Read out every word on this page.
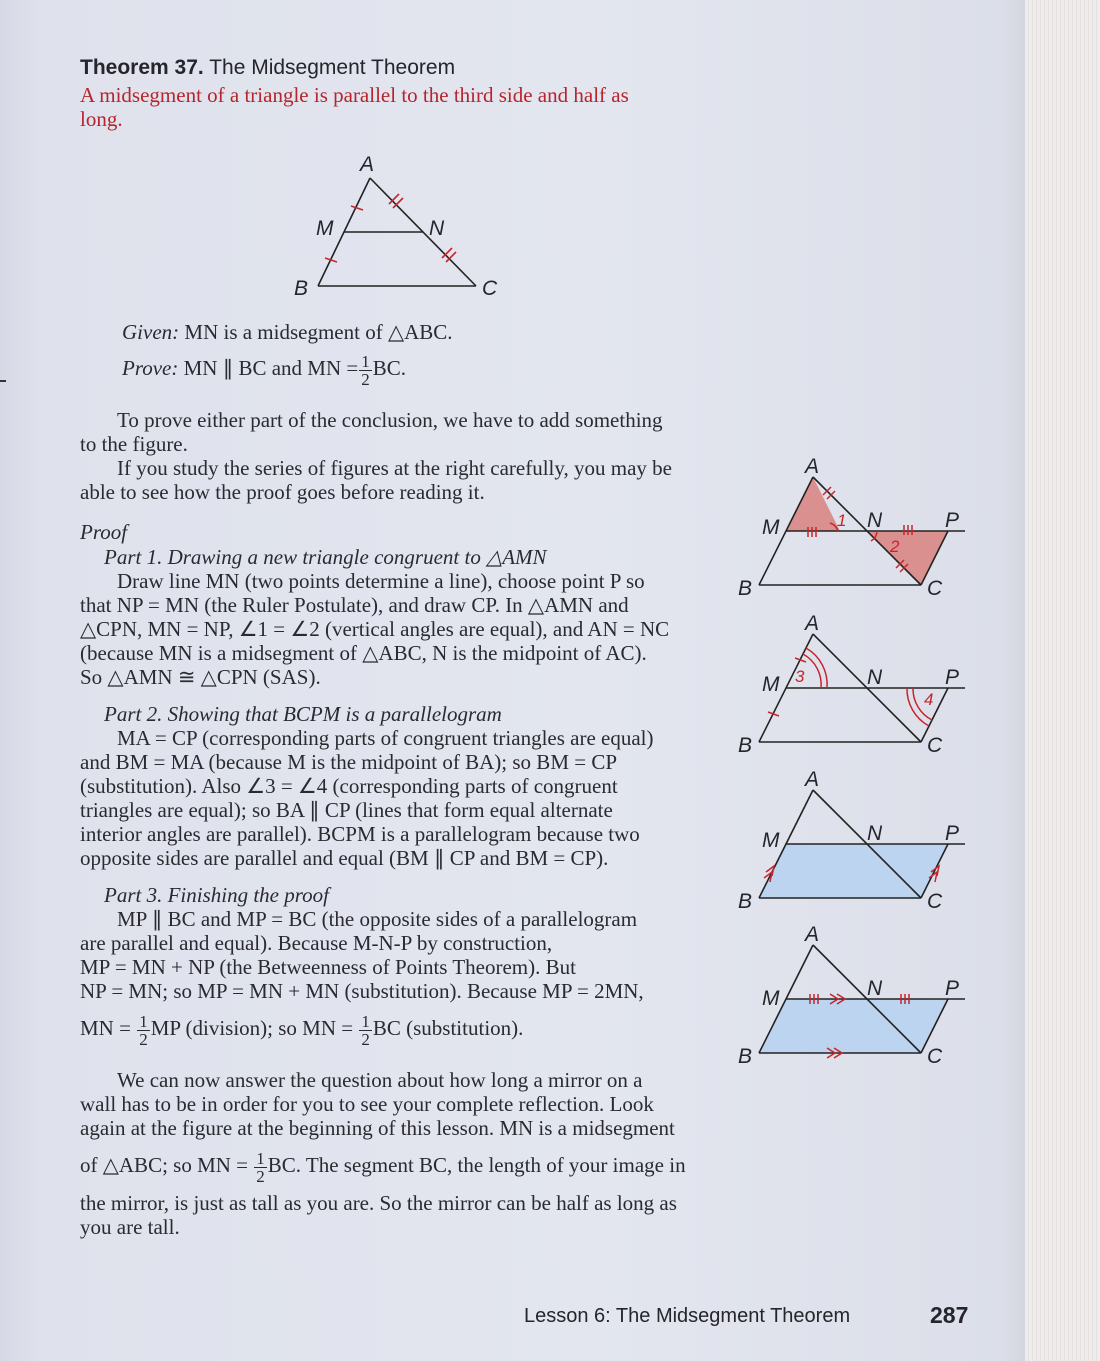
Theorem 37. The Midsegment Theorem
A midsegment of a triangle is parallel to the third side and half as
long.
A
M	N
B	C
Given: MN is a midsegment of △ABC.
Prove: MN ∥ BC and MN = $\frac{1}{2}$ BC.
To prove either part of the conclusion, we have to add something
to the figure.
If you study the series of figures at the right carefully, you may be
able to see how the proof goes before reading it.
Proof
Part 1. Drawing a new triangle congruent to △AMN
Draw line MN (two points determine a line), choose point P so
that NP = MN (the Ruler Postulate), and draw CP. In △AMN and
△CPN, MN = NP, ∠1 = ∠2 (vertical angles are equal), and AN = NC
(because MN is a midsegment of △ABC, N is the midpoint of AC).
So △AMN ≅ △CPN (SAS).
Part 2. Showing that BCPM is a parallelogram
MA = CP (corresponding parts of congruent triangles are equal)
and BM = MA (because M is the midpoint of BA); so BM = CP
(substitution). Also ∠3 = ∠4 (corresponding parts of congruent
triangles are equal); so BA ∥ CP (lines that form equal alternate
interior angles are parallel). BCPM is a parallelogram because two
opposite sides are parallel and equal (BM ∥ CP and BM = CP).
Part 3. Finishing the proof
MP ∥ BC and MP = BC (the opposite sides of a parallelogram
are parallel and equal). Because M-N-P by construction,
MP = MN + NP (the Betweenness of Points Theorem). But
NP = MN; so MP = MN + MN (substitution). Because MP = 2MN,
MN = $\frac{1}{2}$ MP (division); so MN = $\frac{1}{2}$ BC (substitution).
We can now answer the question about how long a mirror on a
wall has to be in order for you to see your complete reflection. Look
again at the figure at the beginning of this lesson. MN is a midsegment
of △ABC; so MN = $\frac{1}{2}$ BC. The segment BC, the length of your image in
the mirror, is just as tall as you are. So the mirror can be half as long as
you are tall.
A
M	N	P
B	C
1
2
A
M	N	P
B	C
3
4
A
M	N	P
B	C
A
M	N	P
B	C
Lesson 6: The Midsegment Theorem	287
